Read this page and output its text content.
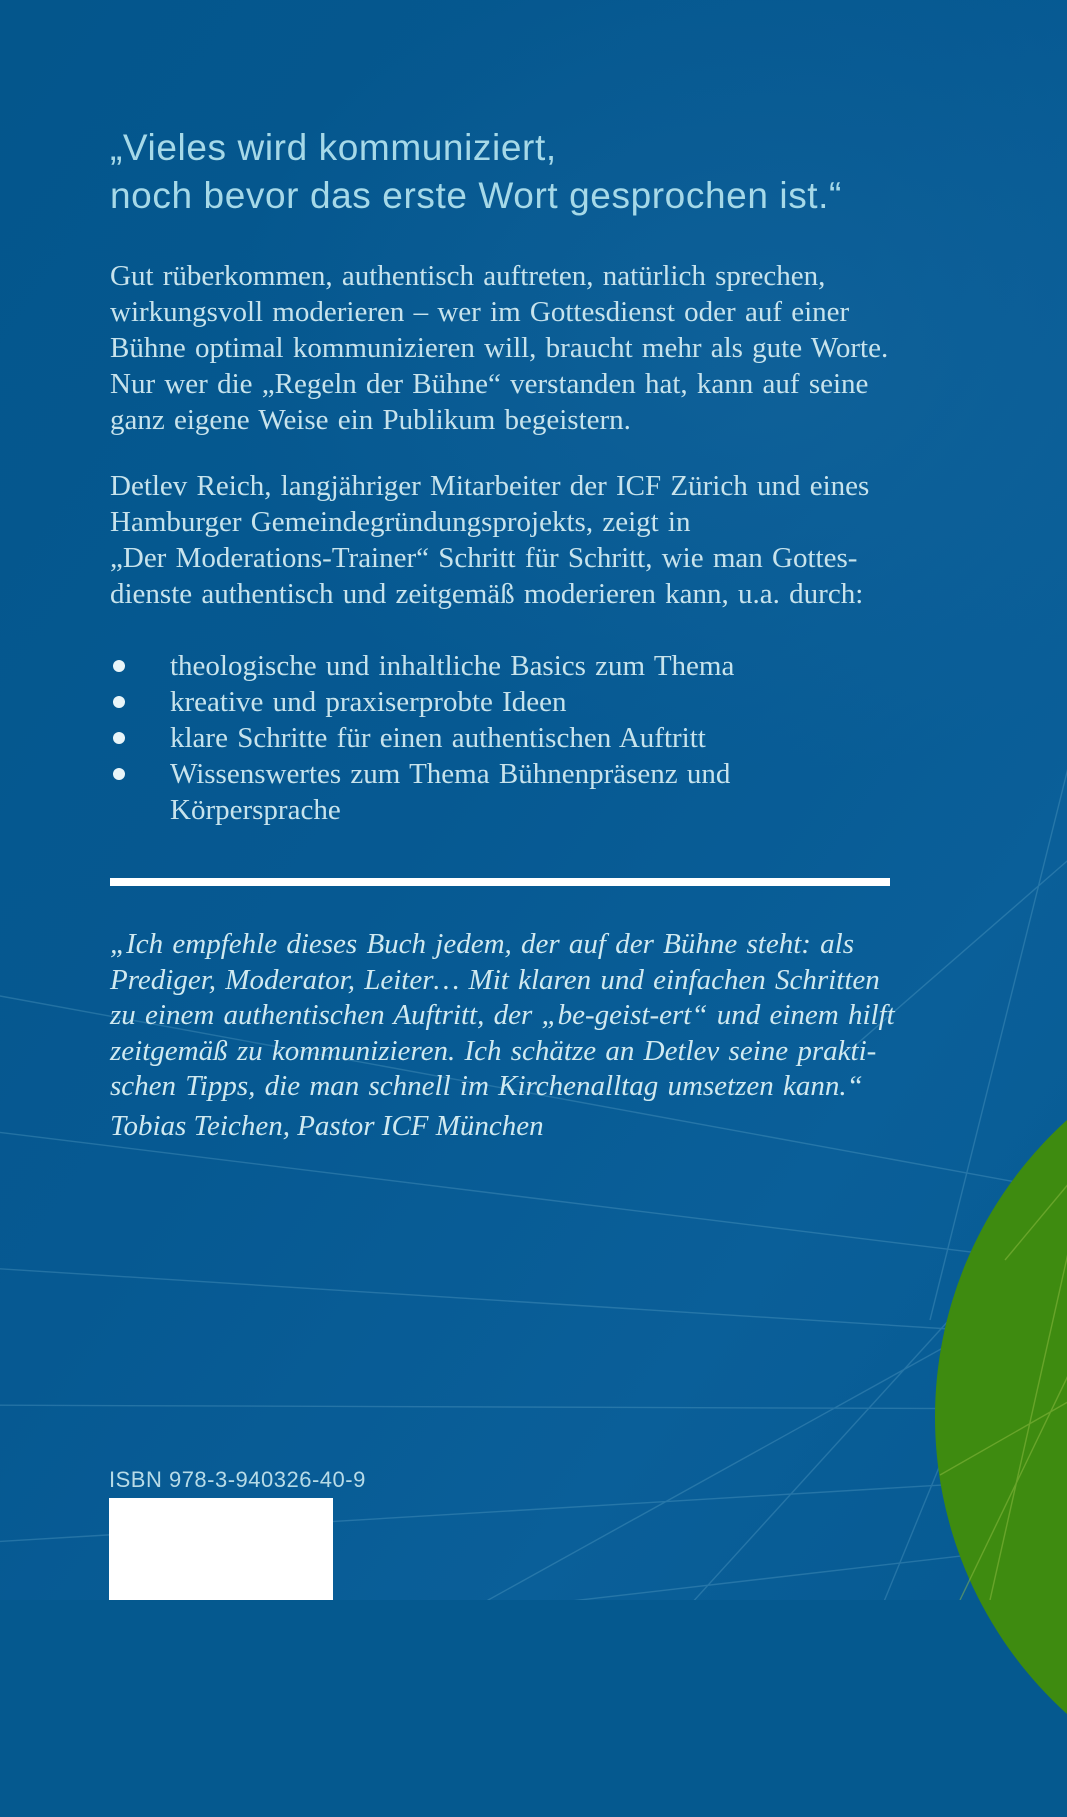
„Vieles wird kommuniziert,
noch bevor das erste Wort gesprochen ist.“
Gut rüberkommen, authentisch auftreten, natürlich sprechen,
wirkungsvoll moderieren – wer im Gottesdienst oder auf einer
Bühne optimal kommunizieren will, braucht mehr als gute Worte.
Nur wer die „Regeln der Bühne“ verstanden hat, kann auf seine
ganz eigene Weise ein Publikum begeistern.
Detlev Reich, langjähriger Mitarbeiter der ICF Zürich und eines
Hamburger Gemeindegründungsprojekts, zeigt in
„Der Moderations-Trainer“ Schritt für Schritt, wie man Gottes-
dienste authentisch und zeitgemäß moderieren kann, u.a. durch:
theologische und inhaltliche Basics zum Thema
kreative und praxiserprobte Ideen
klare Schritte für einen authentischen Auftritt
Wissenswertes zum Thema Bühnenpräsenz und
Körpersprache
„Ich empfehle dieses Buch jedem, der auf der Bühne steht: als
Prediger, Moderator, Leiter… Mit klaren und einfachen Schritten
zu einem authentischen Auftritt, der „be-geist-ert“ und einem hilft
zeitgemäß zu kommunizieren. Ich schätze an Detlev seine prakti-
schen Tipps, die man schnell im Kirchenalltag umsetzen kann.“
Tobias Teichen, Pastor ICF München
ISBN 978-3-940326-40-9
